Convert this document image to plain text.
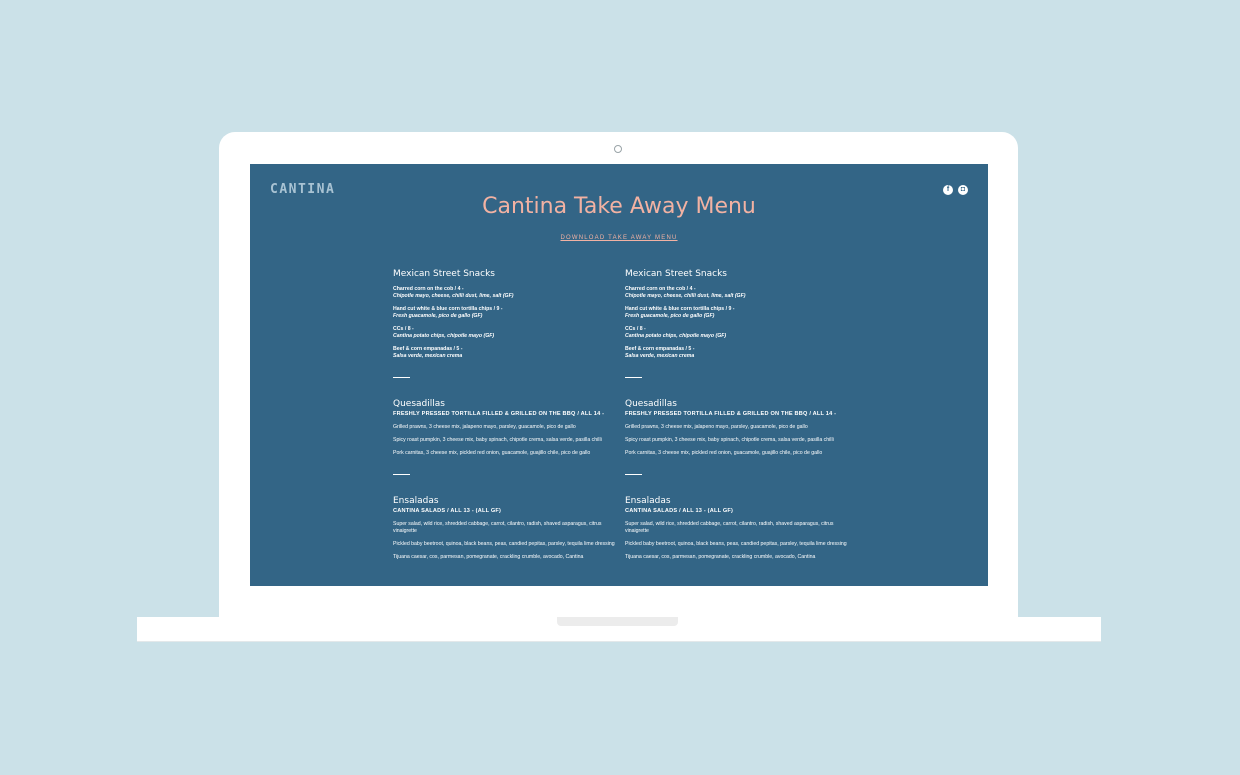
CANTINA	f	◘
Cantina Take Away Menu
DOWNLOAD TAKE AWAY MENU
Mexican Street Snacks
Charred corn on the cob / 4 -
Chipotle mayo, cheese, chilli dust, lime, salt (GF)
Hand cut white & blue corn tortilla chips / 9 -
Fresh guacamole, pico de gallo (GF)
CCs / 8 -
Cantina potato chips, chipotle mayo (GF)
Beef & corn empanadas / 5 -
Salsa verde, mexican crema
Quesadillas
FRESHLY PRESSED TORTILLA FILLED & GRILLED ON THE BBQ / ALL 14 -
Grilled prawns, 3 cheese mix, jalapeno mayo, parsley, guacamole, pico de gallo
Spicy roast pumpkin, 3 cheese mix, baby spinach, chipotle crema, salsa verde, pasilla chilli
Pork carnitas, 3 cheese mix, pickled red onion, guacamole, guajillo chile, pico de gallo
Ensaladas
CANTINA SALADS / ALL 13 - (ALL GF)
Super salad, wild rice, shredded cabbage, carrot, cilantro, radish, shaved asparagus, citrus vinaigrette
Pickled baby beetroot, quinoa, black beans, peas, candied pepitas, parsley, tequila lime dressing
Tijuana caesar, cos, parmesan, pomegranate, crackling crumble, avocado, Cantina
Mexican Street Snacks
Charred corn on the cob / 4 -
Chipotle mayo, cheese, chilli dust, lime, salt (GF)
Hand cut white & blue corn tortilla chips / 9 -
Fresh guacamole, pico de gallo (GF)
CCs / 8 -
Cantina potato chips, chipotle mayo (GF)
Beef & corn empanadas / 5 -
Salsa verde, mexican crema
Quesadillas
FRESHLY PRESSED TORTILLA FILLED & GRILLED ON THE BBQ / ALL 14 -
Grilled prawns, 3 cheese mix, jalapeno mayo, parsley, guacamole, pico de gallo
Spicy roast pumpkin, 3 cheese mix, baby spinach, chipotle crema, salsa verde, pasilla chilli
Pork carnitas, 3 cheese mix, pickled red onion, guacamole, guajillo chile, pico de gallo
Ensaladas
CANTINA SALADS / ALL 13 - (ALL GF)
Super salad, wild rice, shredded cabbage, carrot, cilantro, radish, shaved asparagus, citrus vinaigrette
Pickled baby beetroot, quinoa, black beans, peas, candied pepitas, parsley, tequila lime dressing
Tijuana caesar, cos, parmesan, pomegranate, crackling crumble, avocado, Cantina
